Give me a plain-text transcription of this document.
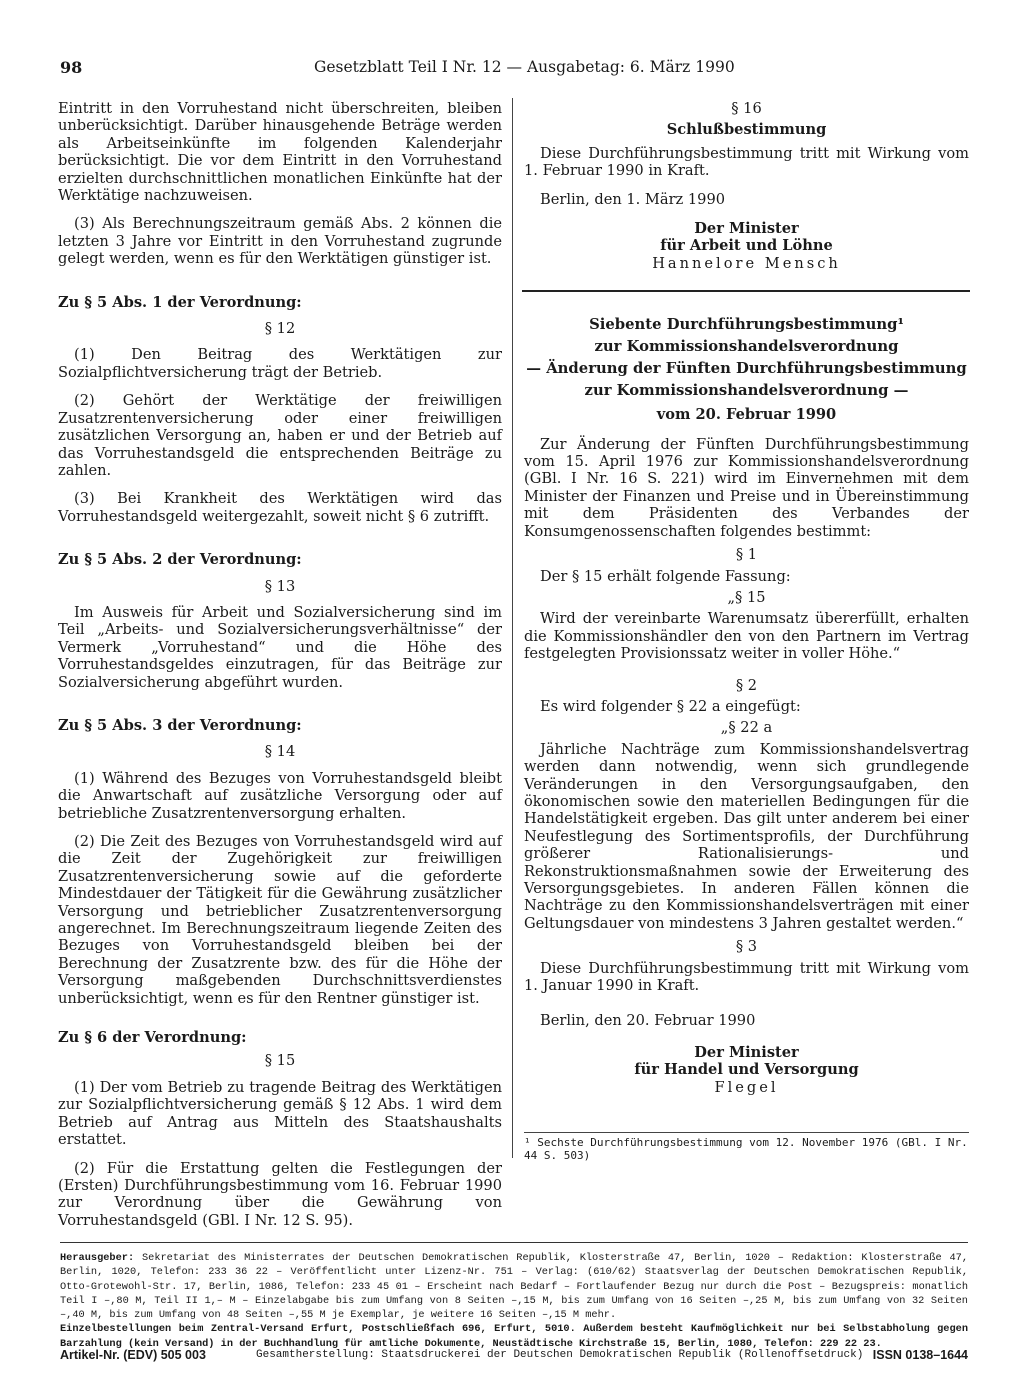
98	Gesetzblatt Teil I Nr. 12 — Ausgabetag: 6. März 1990

Eintritt in den Vorruhestand nicht überschreiten, bleiben unberücksichtigt. Darüber hinausgehende Beträge werden als Arbeitseinkünfte im folgenden Kalenderjahr berücksichtigt. Die vor dem Eintritt in den Vorruhestand erzielten durchschnittlichen monatlichen Einkünfte hat der Werktätige nachzuweisen.

(3) Als Berechnungszeitraum gemäß Abs. 2 können die letzten 3 Jahre vor Eintritt in den Vorruhestand zugrunde gelegt werden, wenn es für den Werktätigen günstiger ist.

Zu § 5 Abs. 1 der Verordnung:

§ 12

(1) Den Beitrag des Werktätigen zur Sozialpflichtversicherung trägt der Betrieb.

(2) Gehört der Werktätige der freiwilligen Zusatzrentenversicherung oder einer freiwilligen zusätzlichen Versorgung an, haben er und der Betrieb auf das Vorruhestandsgeld die entsprechenden Beiträge zu zahlen.

(3) Bei Krankheit des Werktätigen wird das Vorruhestandsgeld weitergezahlt, soweit nicht § 6 zutrifft.

Zu § 5 Abs. 2 der Verordnung:

§ 13

Im Ausweis für Arbeit und Sozialversicherung sind im Teil „Arbeits- und Sozialversicherungsverhältnisse“ der Vermerk „Vorruhestand“ und die Höhe des Vorruhestandsgeldes einzutragen, für das Beiträge zur Sozialversicherung abgeführt wurden.

Zu § 5 Abs. 3 der Verordnung:

§ 14

(1) Während des Bezuges von Vorruhestandsgeld bleibt die Anwartschaft auf zusätzliche Versorgung oder auf betriebliche Zusatzrentenversorgung erhalten.

(2) Die Zeit des Bezuges von Vorruhestandsgeld wird auf die Zeit der Zugehörigkeit zur freiwilligen Zusatzrentenversicherung sowie auf die geforderte Mindestdauer der Tätigkeit für die Gewährung zusätzlicher Versorgung und betrieblicher Zusatzrentenversorgung angerechnet. Im Berechnungszeitraum liegende Zeiten des Bezuges von Vorruhestandsgeld bleiben bei der Berechnung der Zusatzrente bzw. des für die Höhe der Versorgung maßgebenden Durchschnittsverdienstes unberücksichtigt, wenn es für den Rentner günstiger ist.

Zu § 6 der Verordnung:

§ 15

(1) Der vom Betrieb zu tragende Beitrag des Werktätigen zur Sozialpflichtversicherung gemäß § 12 Abs. 1 wird dem Betrieb auf Antrag aus Mitteln des Staatshaushalts erstattet.

(2) Für die Erstattung gelten die Festlegungen der (Ersten) Durchführungsbestimmung vom 16. Februar 1990 zur Verordnung über die Gewährung von Vorruhestandsgeld (GBl. I Nr. 12 S. 95).

§ 16
Schlußbestimmung

Diese Durchführungsbestimmung tritt mit Wirkung vom 1. Februar 1990 in Kraft.

Berlin, den 1. März 1990

Der Minister
für Arbeit und Löhne
Hannelore Mensch
Siebente Durchführungsbestimmung¹
zur Kommissionshandelsverordnung
— Änderung der Fünften Durchführungsbestimmung
zur Kommissionshandelsverordnung —
vom 20. Februar 1990

Zur Änderung der Fünften Durchführungsbestimmung vom 15. April 1976 zur Kommissionshandelsverordnung (GBl. I Nr. 16 S. 221) wird im Einvernehmen mit dem Minister der Finanzen und Preise und in Übereinstimmung mit dem Präsidenten des Verbandes der Konsumgenossenschaften folgendes bestimmt:

§ 1

Der § 15 erhält folgende Fassung:

„§ 15

Wird der vereinbarte Warenumsatz übererfüllt, erhalten die Kommissionshändler den von den Partnern im Vertrag festgelegten Provisionssatz weiter in voller Höhe.“

§ 2

Es wird folgender § 22 a eingefügt:

„§ 22 a

Jährliche Nachträge zum Kommissionshandelsvertrag werden dann notwendig, wenn sich grundlegende Veränderungen in den Versorgungsaufgaben, den ökonomischen sowie den materiellen Bedingungen für die Handelstätigkeit ergeben. Das gilt unter anderem bei einer Neufestlegung des Sortimentsprofils, der Durchführung größerer Rationalisierungs- und Rekonstruktionsmaßnahmen sowie der Erweiterung des Versorgungsgebietes. In anderen Fällen können die Nachträge zu den Kommissionshandelsverträgen mit einer Geltungsdauer von mindestens 3 Jahren gestaltet werden.“

§ 3

Diese Durchführungsbestimmung tritt mit Wirkung vom 1. Januar 1990 in Kraft.

Berlin, den 20. Februar 1990

Der Minister
für Handel und Versorgung
Flegel
¹ Sechste Durchführungsbestimmung vom 12. November 1976 (GBl. I Nr. 44 S. 503)
Herausgeber: Sekretariat des Ministerrates der Deutschen Demokratischen Republik, Klosterstraße 47, Berlin, 1020 – Redaktion: Klosterstraße 47, Berlin, 1020, Telefon: 233 36 22 – Veröffentlicht unter Lizenz-Nr. 751 – Verlag: (610/62) Staatsverlag der Deutschen Demokratischen Republik, Otto-Grotewohl-Str. 17, Berlin, 1086, Telefon: 233 45 01 – Erscheint nach Bedarf – Fortlaufender Bezug nur durch die Post – Bezugspreis: monatlich Teil I –,80 M, Teil II 1,– M – Einzelabgabe bis zum Umfang von 8 Seiten –,15 M, bis zum Umfang von 16 Seiten –,25 M, bis zum Umfang von 32 Seiten –,40 M, bis zum Umfang von 48 Seiten –,55 M je Exemplar, je weitere 16 Seiten –,15 M mehr.
Einzelbestellungen beim Zentral-Versand Erfurt, Postschließfach 696, Erfurt, 5010. Außerdem besteht Kaufmöglichkeit nur bei Selbstabholung gegen Barzahlung (kein Versand) in der Buchhandlung für amtliche Dokumente, Neustädtische Kirchstraße 15, Berlin, 1080, Telefon: 229 22 23.
Artikel-Nr. (EDV) 505 003	Gesamtherstellung: Staatsdruckerei der Deutschen Demokratischen Republik (Rollenoffsetdruck) ISSN 0138–1644
